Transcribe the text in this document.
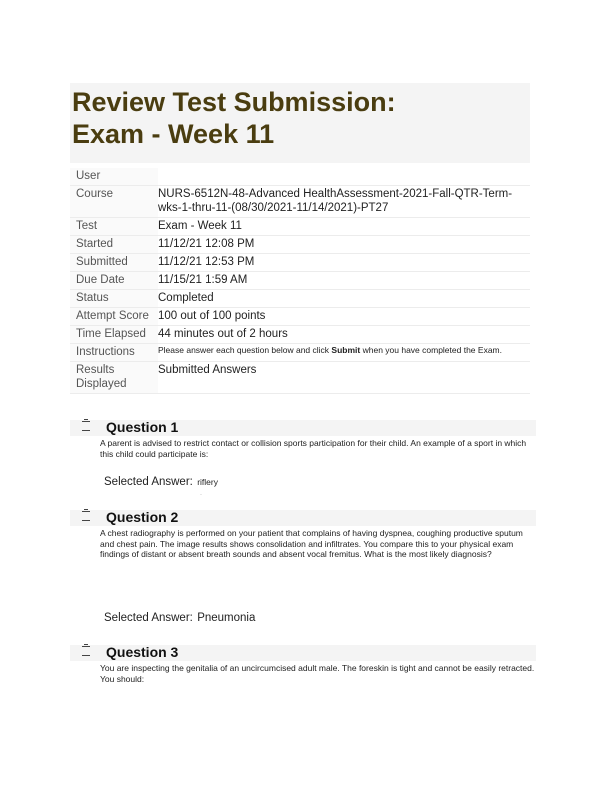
Review Test Submission:
Exam - Week 11
User	
Course	NURS-6512N-48-Advanced HealthAssessment-2021-Fall-QTR-Term-wks-1-thru-11-(08/30/2021-11/14/2021)-PT27
Test	Exam - Week 11
Started	11/12/21 12:08 PM
Submitted	11/12/21 12:53 PM
Due Date	11/15/21 1:59 AM
Status	Completed
Attempt Score	100 out of 100 points
Time Elapsed	44 minutes out of 2 hours
Instructions	Please answer each question below and click Submit when you have completed the Exam.
Results Displayed	Submitted Answers
Question 1
A parent is advised to restrict contact or collision sports participation for their child. An example of a sport in which this child could participate is:
Selected Answer: riflery
·
Question 2
A chest radiography is performed on your patient that complains of having dyspnea, coughing productive sputum and chest pain. The image results shows consolidation and infiltrates. You compare this to your physical exam findings of distant or absent breath sounds and absent vocal fremitus. What is the most likely diagnosis?
Selected Answer: Pneumonia
Question 3
You are inspecting the genitalia of an uncircumcised adult male. The foreskin is tight and cannot be easily retracted. You should:
